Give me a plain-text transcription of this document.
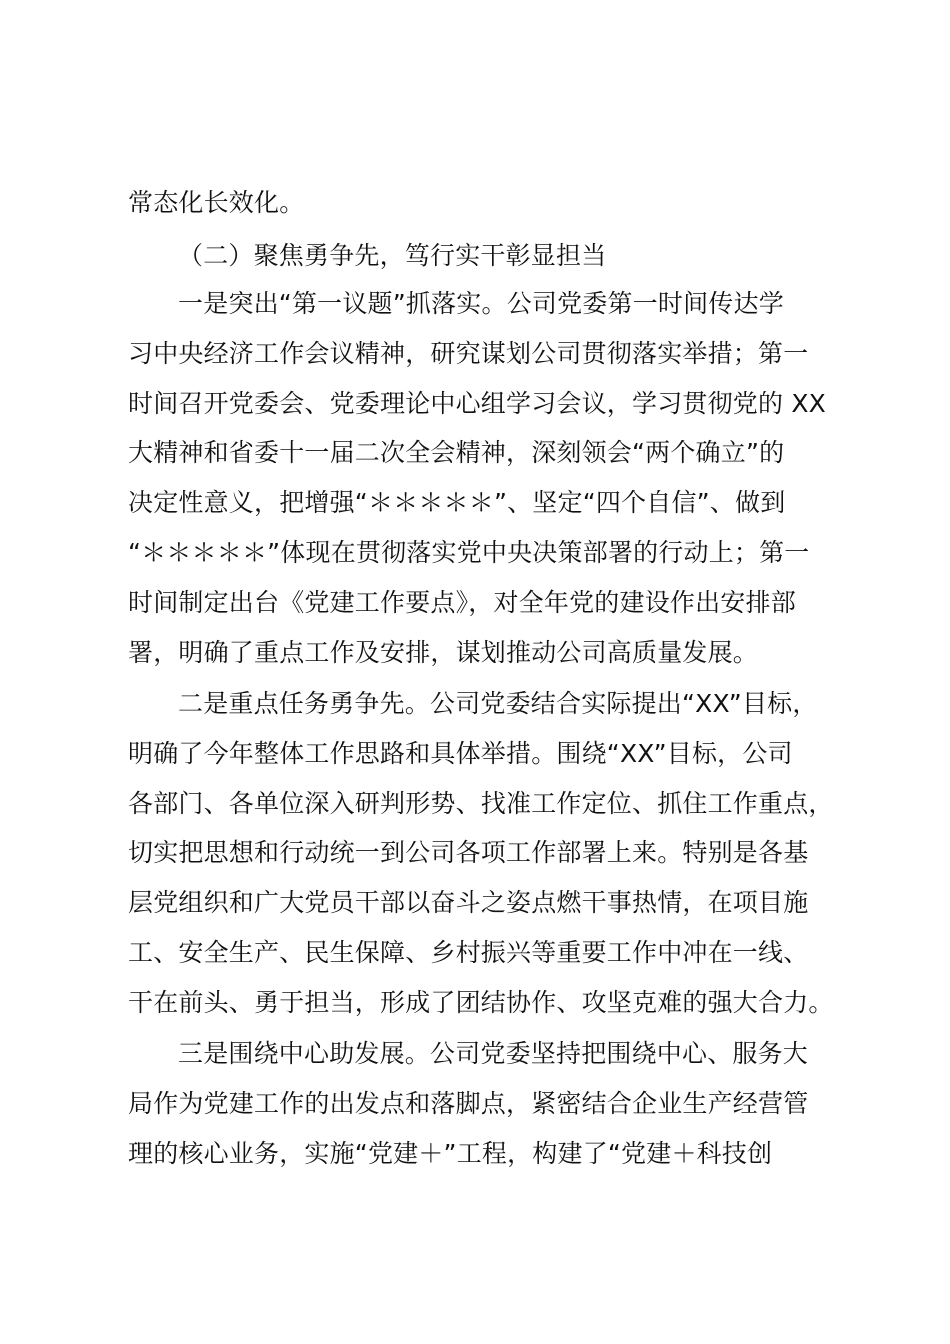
常态化长效化。
（二）聚焦勇争先，笃行实干彰显担当
一是突出“第一议题”抓落实。公司党委第一时间传达学
习中央经济工作会议精神，研究谋划公司贯彻落实举措；第一
时间召开党委会、党委理论中心组学习会议，学习贯彻党的 XX
大精神和省委十一届二次全会精神，深刻领会“两个确立”的
决定性意义，把增强“＊＊＊＊＊”、坚定“四个自信”、做到
“＊＊＊＊＊”体现在贯彻落实党中央决策部署的行动上；第一
时间制定出台《党建工作要点》，对全年党的建设作出安排部
署，明确了重点工作及安排，谋划推动公司高质量发展。
二是重点任务勇争先。公司党委结合实际提出“XX”目标，
明确了今年整体工作思路和具体举措。围绕“XX”目标，公司
各部门、各单位深入研判形势、找准工作定位、抓住工作重点，
切实把思想和行动统一到公司各项工作部署上来。特别是各基
层党组织和广大党员干部以奋斗之姿点燃干事热情，在项目施
工、安全生产、民生保障、乡村振兴等重要工作中冲在一线、
干在前头、勇于担当，形成了团结协作、攻坚克难的强大合力。
三是围绕中心助发展。公司党委坚持把围绕中心、服务大
局作为党建工作的出发点和落脚点，紧密结合企业生产经营管
理的核心业务，实施“党建＋”工程，构建了“党建＋科技创
